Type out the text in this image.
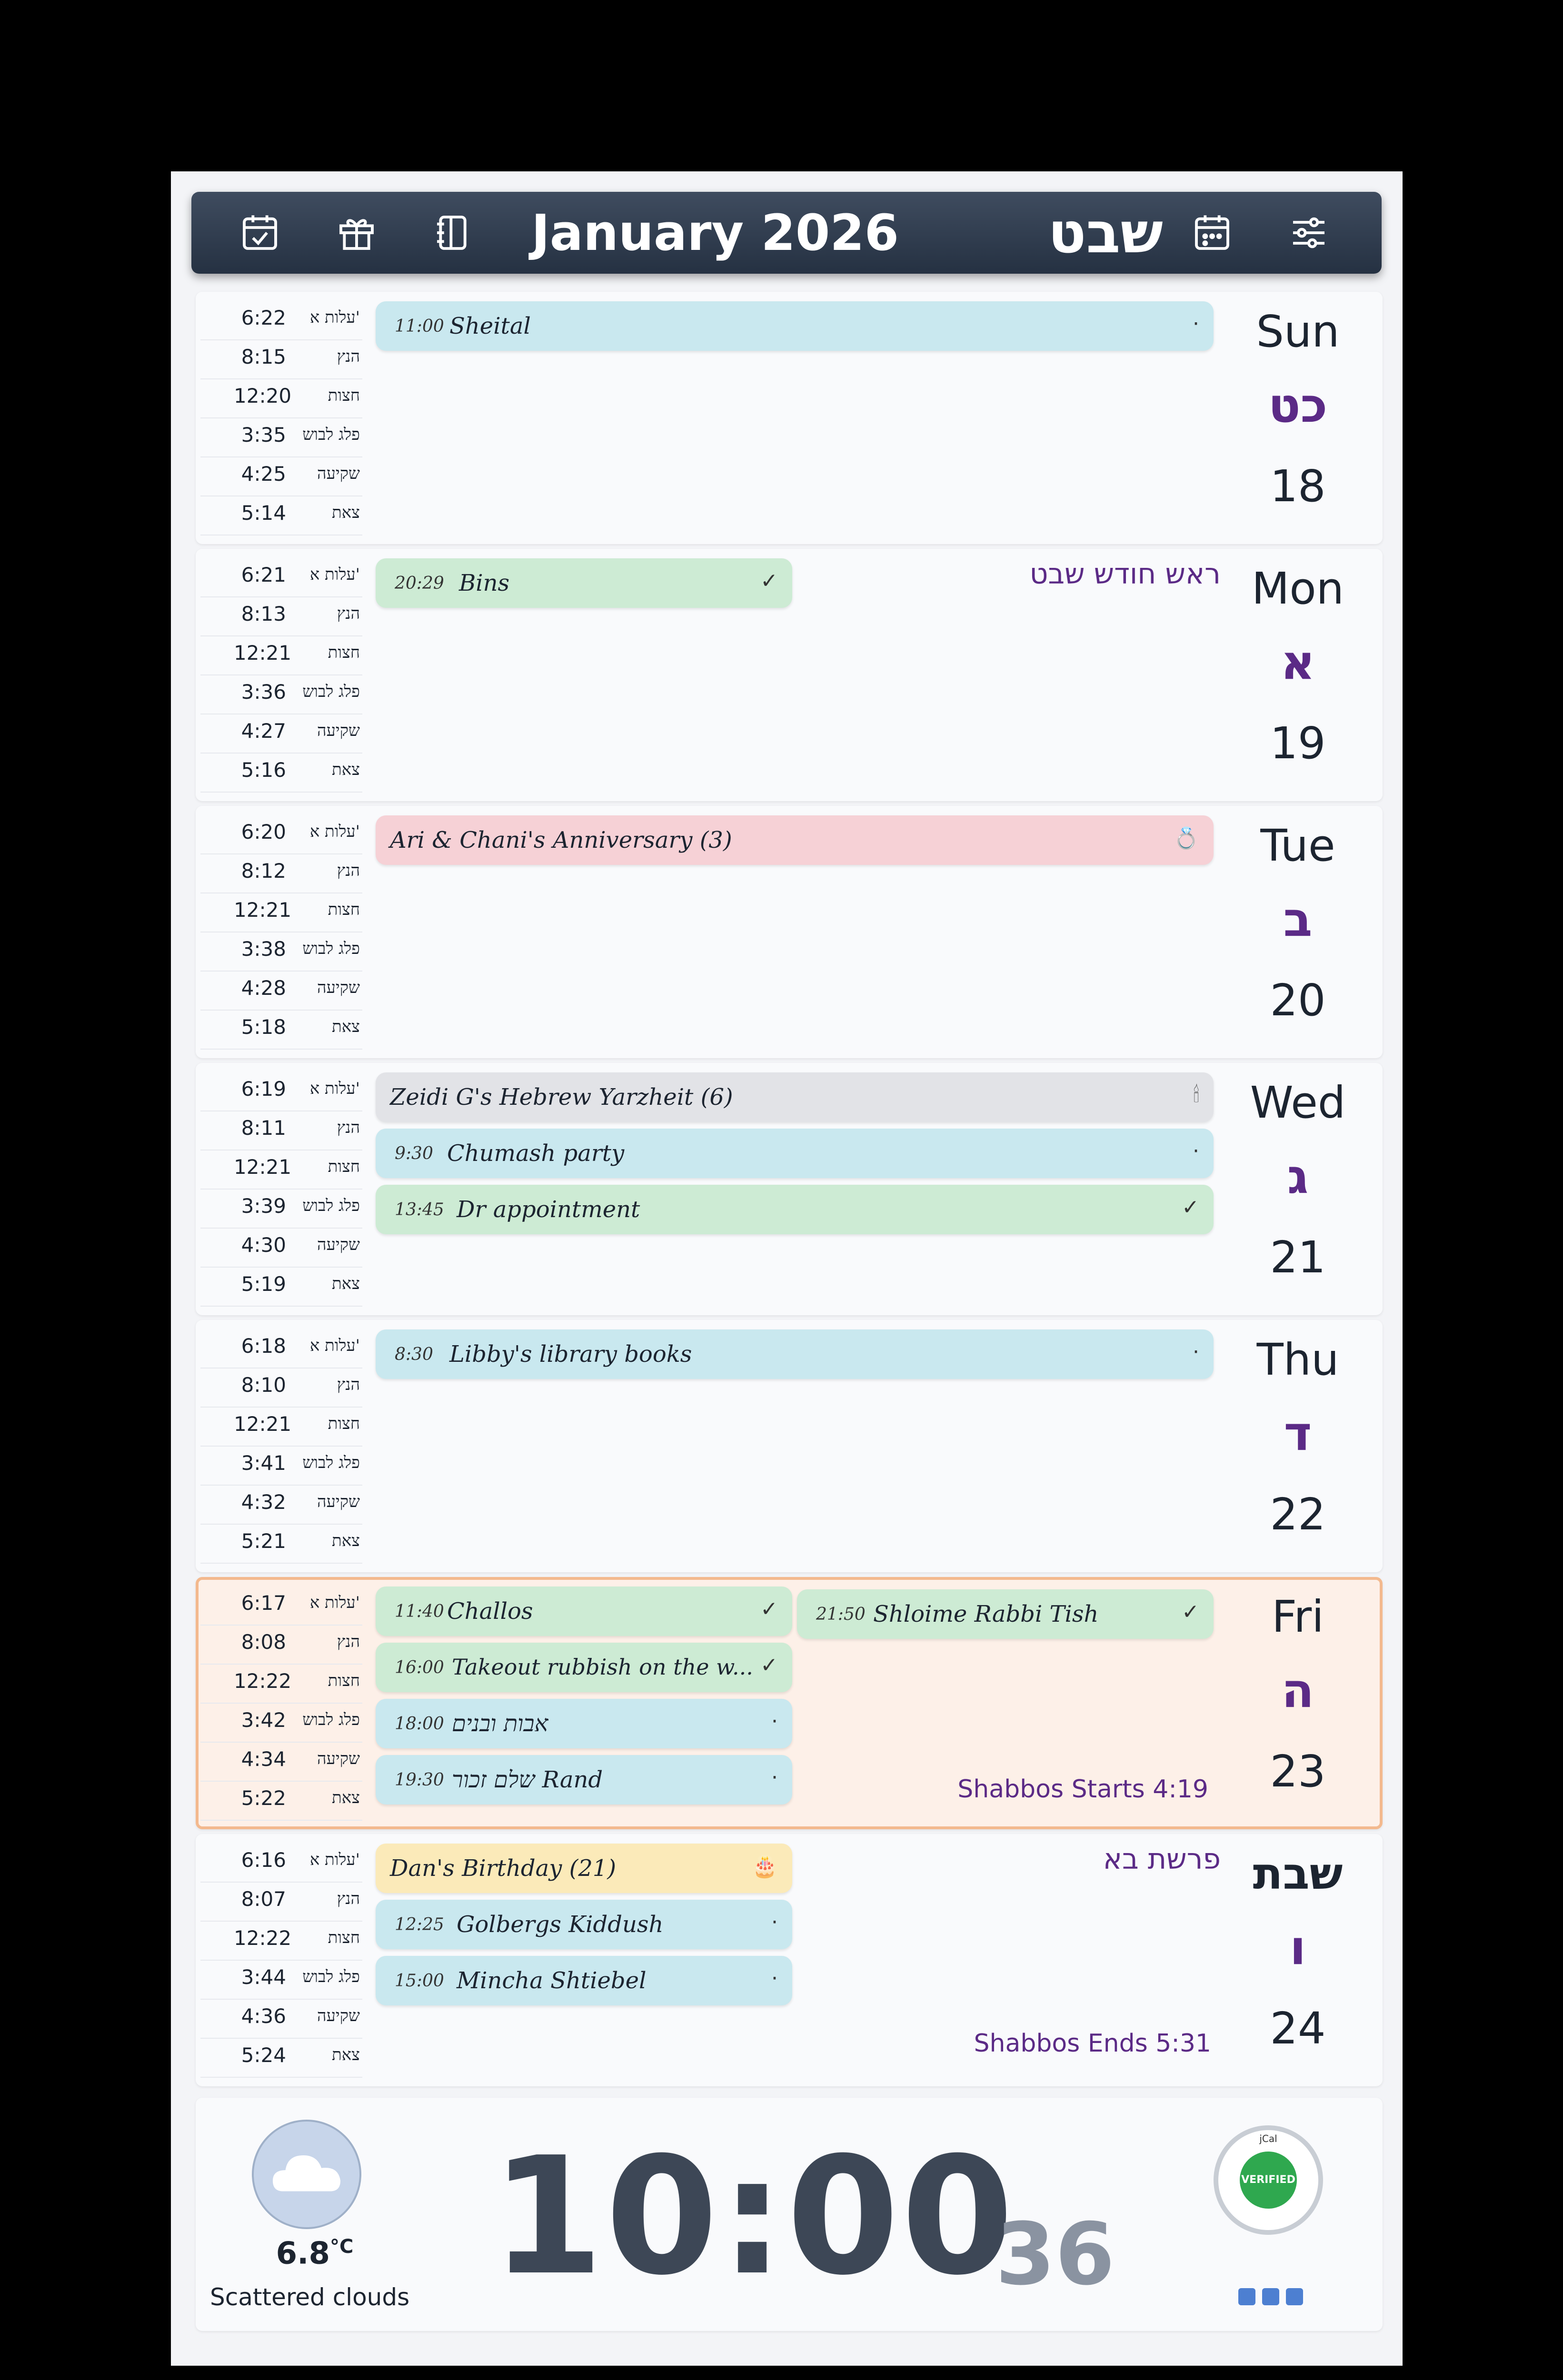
January 2026	שבט
6:22	עלות א'
8:15	הנץ
12:20	חצות
3:35	פלג לבוש
4:25	שקיעה
5:14	צאת
11:00 Sheital	·	Sun
כט
18
6:21	עלות א'
8:13	הנץ
12:21	חצות
3:36	פלג לבוש
4:27	שקיעה
5:16	צאת
20:29 Bins	✓	ראש חודש שבט Mon
א
19
6:20	עלות א'
8:12	הנץ
12:21	חצות
3:38	פלג לבוש
4:28	שקיעה
5:18	צאת
Ari & Chani's Anniversary (3)	💍	Tue
ב
20
6:19	עלות א'
8:11	הנץ
12:21	חצות
3:39	פלג לבוש
4:30	שקיעה
5:19	צאת
Zeidi G's Hebrew Yarzheit (6)	🕯
9:30 Chumash party	·
13:45 Dr appointment	✓
Wed
ג
21
6:18	עלות א'
8:10	הנץ
12:21	חצות
3:41	פלג לבוש
4:32	שקיעה
5:21	צאת
8:30 Libby's library books	·	Thu
ד
22
6:17	עלות א'
8:08	הנץ
12:22	חצות
3:42	פלג לבוש
4:34	שקיעה
5:22	צאת
11:40 Challos	✓
16:00 Takeout rubbish on the w... ✓
18:00 אבות ובנים	·
19:30 שלם זכור Rand	·
21:50 Shloime Rabbi Tish	✓
Shabbos Starts 4:19
Fri
ה
23
6:16	עלות א'
8:07	הנץ
12:22	חצות
3:44	פלג לבוש
4:36	שקיעה
5:24	צאת
Dan's Birthday (21)	🎂
12:25 Golbergs Kiddush	·
15:00 Mincha Shtiebel	·
פרשת בא
Shabbos Ends 5:31
שבת
ו
24
$6.8^{^\circ C}$
Scattered clouds 10:00
36
jCal
VERIFIED
